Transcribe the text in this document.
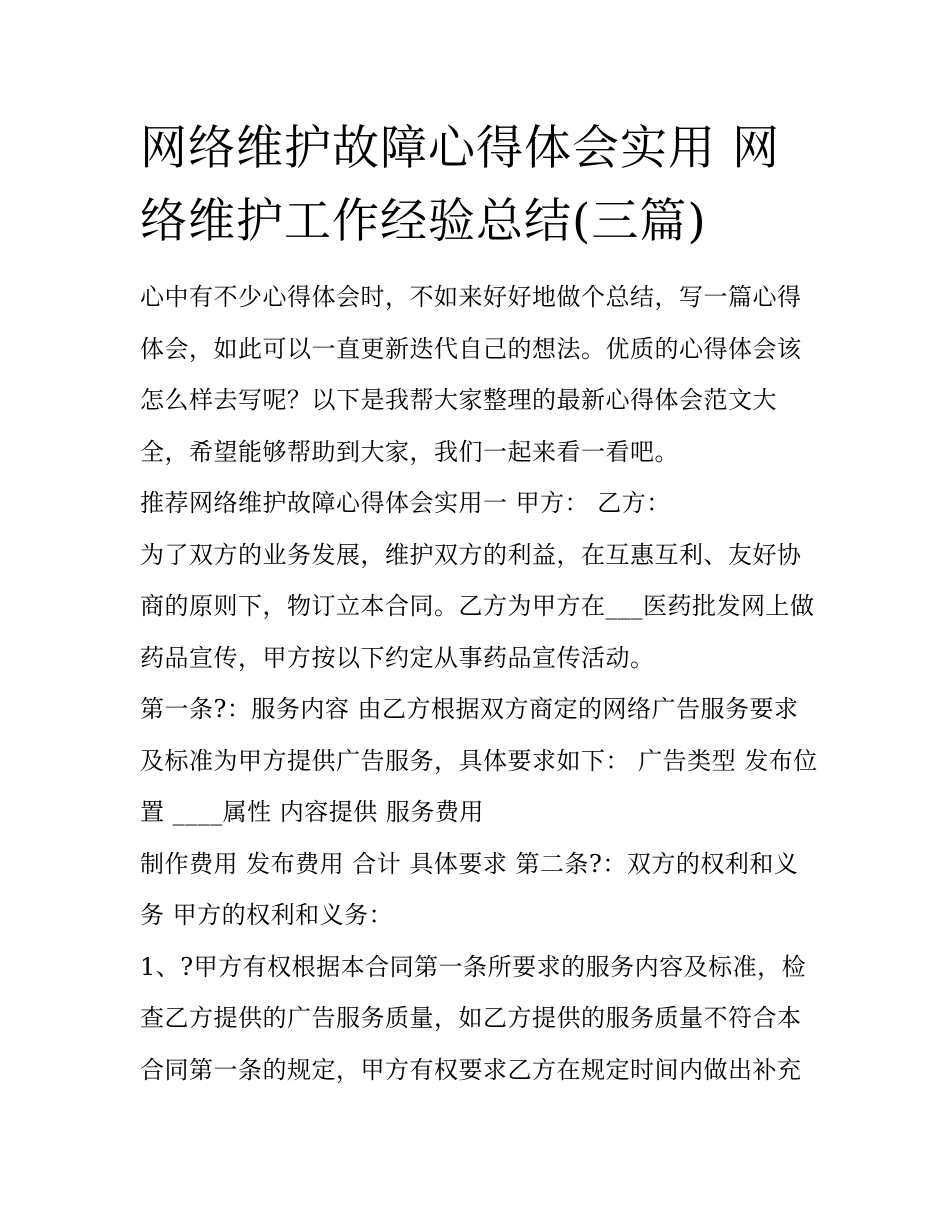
网络维护故障心得体会实用 网络维护工作经验总结(三篇)

心中有不少心得体会时，不如来好好地做个总结，写一篇心得体会，如此可以一直更新迭代自己的想法。优质的心得体会该怎么样去写呢？以下是我帮大家整理的最新心得体会范文大全，希望能够帮助到大家，我们一起来看一看吧。

推荐网络维护故障心得体会实用一 甲方： 乙方：

为了双方的业务发展，维护双方的利益，在互惠互利、友好协商的原则下，物订立本合同。乙方为甲方在___医药批发网上做药品宣传，甲方按以下约定从事药品宣传活动。

第一条?：服务内容 由乙方根据双方商定的网络广告服务要求及标准为甲方提供广告服务，具体要求如下： 广告类型 发布位置 ____属性 内容提供 服务费用

制作费用 发布费用 合计 具体要求 第二条?：双方的权利和义务 甲方的权利和义务：

1、?甲方有权根据本合同第一条所要求的服务内容及标准，检查乙方提供的广告服务质量，如乙方提供的服务质量不符合本合同第一条的规定，甲方有权要求乙方在规定时间内做出补充
